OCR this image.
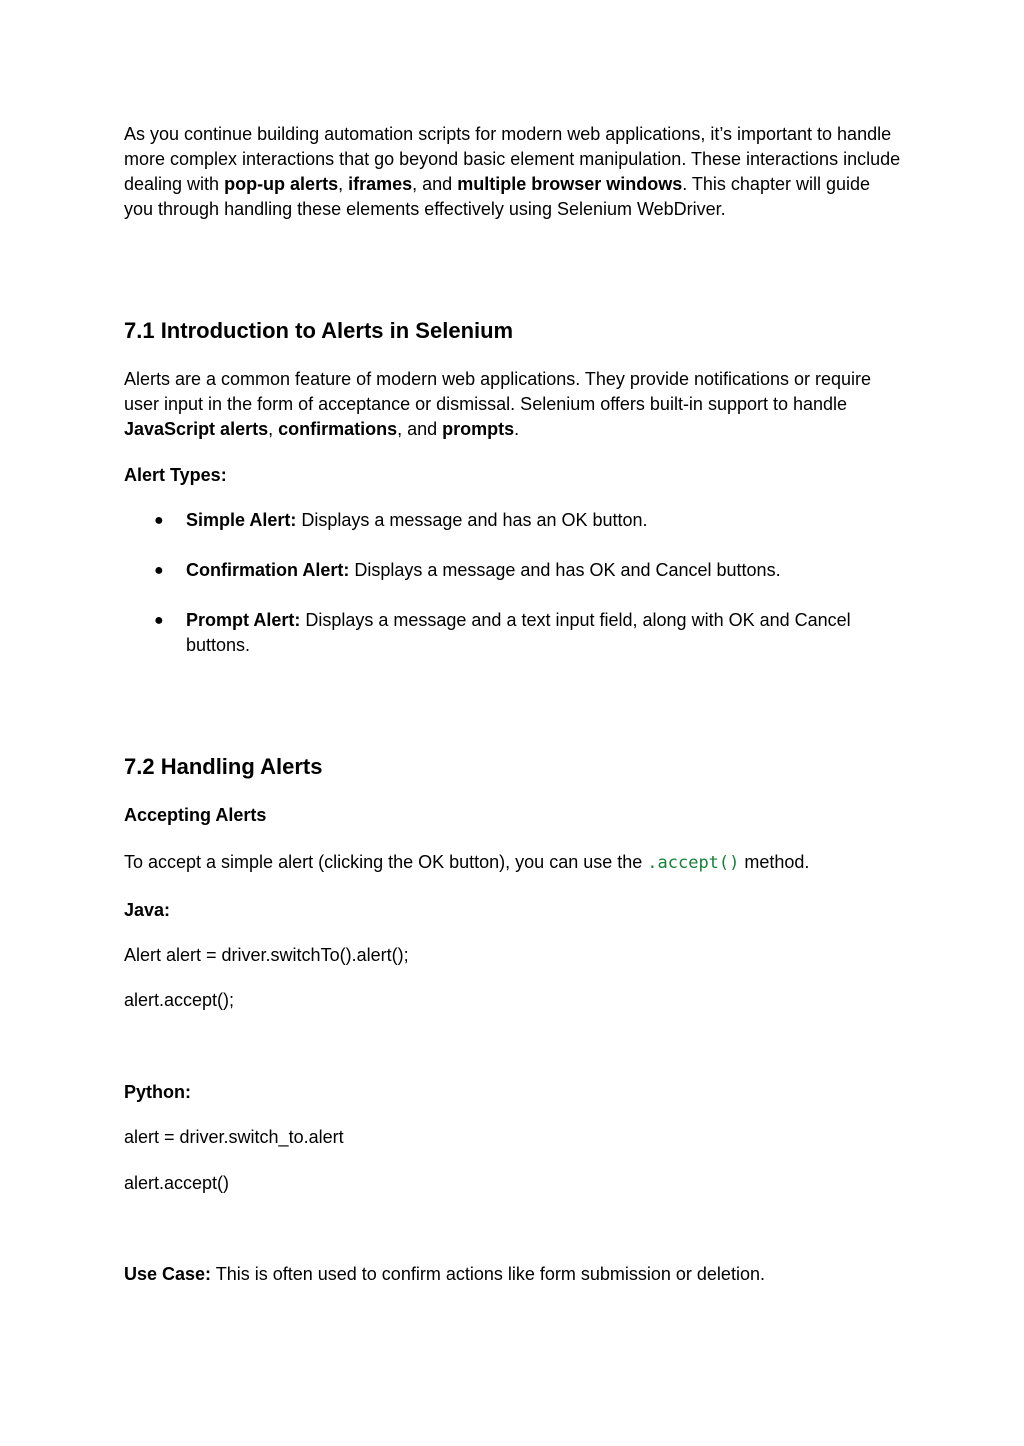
As you continue building automation scripts for modern web applications, it’s important to handle more complex interactions that go beyond basic element manipulation. These interactions include dealing with pop-up alerts, iframes, and multiple browser windows. This chapter will guide you through handling these elements effectively using Selenium WebDriver.

7.1 Introduction to Alerts in Selenium

Alerts are a common feature of modern web applications. They provide notifications or require user input in the form of acceptance or dismissal. Selenium offers built-in support to handle JavaScript alerts, confirmations, and prompts.

Alert Types:

● Simple Alert: Displays a message and has an OK button.
● Confirmation Alert: Displays a message and has OK and Cancel buttons.
● Prompt Alert: Displays a message and a text input field, along with OK and Cancel buttons.
7.2 Handling Alerts

Accepting Alerts

To accept a simple alert (clicking the OK button), you can use the .accept() method.

Java:

Alert alert = driver.switchTo().alert();

alert.accept();

Python:

alert = driver.switch_to.alert

alert.accept()

Use Case: This is often used to confirm actions like form submission or deletion.
